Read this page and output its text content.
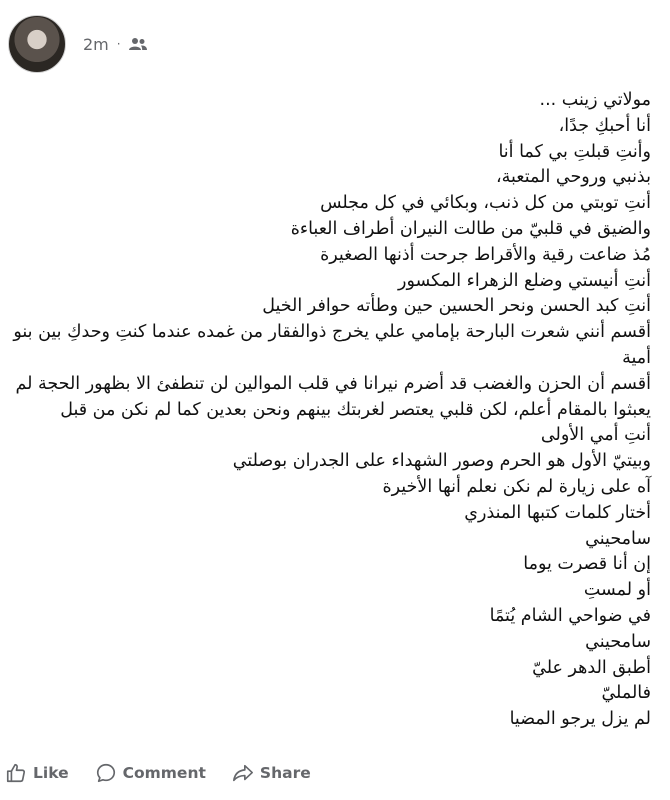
2m ·
مولاتي زينب ...
أنا أحبكِ جدًا،
وأنتِ قبلتِ بي كما أنا
بذنبي وروحي المتعبة،
أنتِ توبتي من كل ذنب، وبكائي في كل مجلس
والضيق في قلبيّ من طالت النيران أطراف العباءة
مُذ ضاعت رقية والأقراط جرحت أذنها الصغيرة
أنتِ أنيستي وضلع الزهراء المكسور
أنتِ كبد الحسن ونحر الحسين حين وطأته حوافر الخيل
أقسم أنني شعرت البارحة بإمامي علي يخرج ذوالفقار من غمده عندما كنتِ وحدكِ بين بنو أمية
أقسم أن الحزن والغضب قد أضرم نيرانا في قلب الموالين لن تنطفئ الا بظهور الحجة لم يعبثوا بالمقام أعلم، لكن قلبي يعتصر لغربتك بينهم ونحن بعدين كما لم نكن من قبل
أنتِ أمي الأولى
وبيتيّ الأول هو الحرم وصور الشهداء على الجدران بوصلتي
آه على زيارة لم نكن نعلم أنها الأخيرة
أختار كلمات كتبها المنذري
سامحيني
إن أنا قصرت يوما
أو لمستِ
في ضواحي الشام يُتمًا
سامحيني
أطبق الدهر عليّ
فالمليّ
لم يزل يرجو المضيا
Like	Comment	Share
